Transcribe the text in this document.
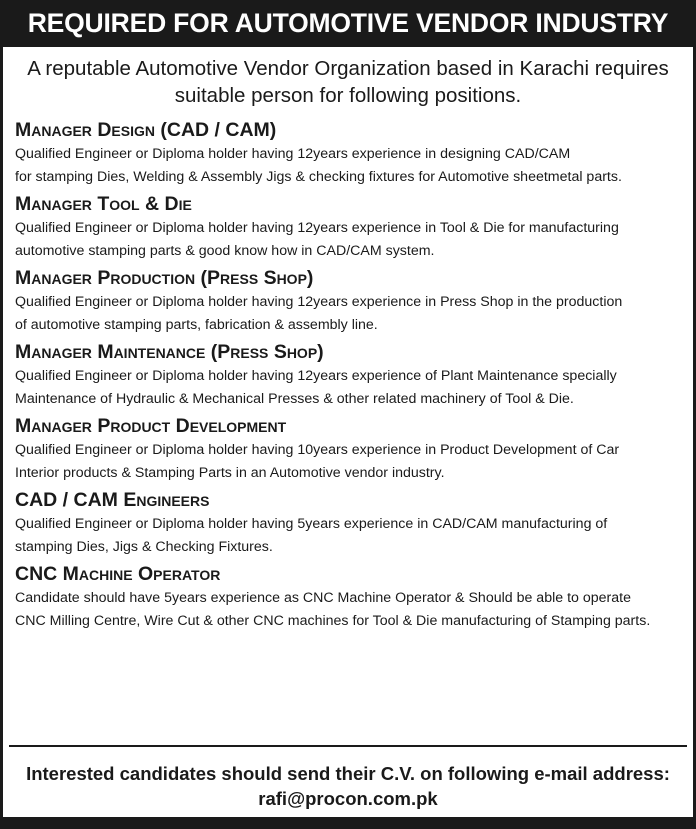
REQUIRED FOR AUTOMOTIVE VENDOR INDUSTRY
A reputable Automotive Vendor Organization based in Karachi requires
suitable person for following positions.
Manager Design (CAD / CAM)
Qualified Engineer or Diploma holder having 12years experience in designing CAD/CAM
for stamping Dies, Welding & Assembly Jigs & checking fixtures for Automotive sheetmetal parts.
Manager Tool & Die
Qualified Engineer or Diploma holder having 12years experience in Tool & Die for manufacturing
automotive stamping parts & good know how in CAD/CAM system.
Manager Production (Press Shop)
Qualified Engineer or Diploma holder having 12years experience in Press Shop in the production
of automotive stamping parts, fabrication & assembly line.
Manager Maintenance (Press Shop)
Qualified Engineer or Diploma holder having 12years experience of Plant Maintenance specially
Maintenance of Hydraulic & Mechanical Presses & other related machinery of Tool & Die.
Manager Product Development
Qualified Engineer or Diploma holder having 10years experience in Product Development of Car
Interior products & Stamping Parts in an Automotive vendor industry.
CAD / CAM Engineers
Qualified Engineer or Diploma holder having 5years experience in CAD/CAM manufacturing of
stamping Dies, Jigs & Checking Fixtures.
CNC Machine Operator
Candidate should have 5years experience as CNC Machine Operator & Should be able to operate
CNC Milling Centre, Wire Cut & other CNC machines for Tool & Die manufacturing of Stamping parts.
Interested candidates should send their C.V. on following e-mail address:
rafi@procon.com.pk
